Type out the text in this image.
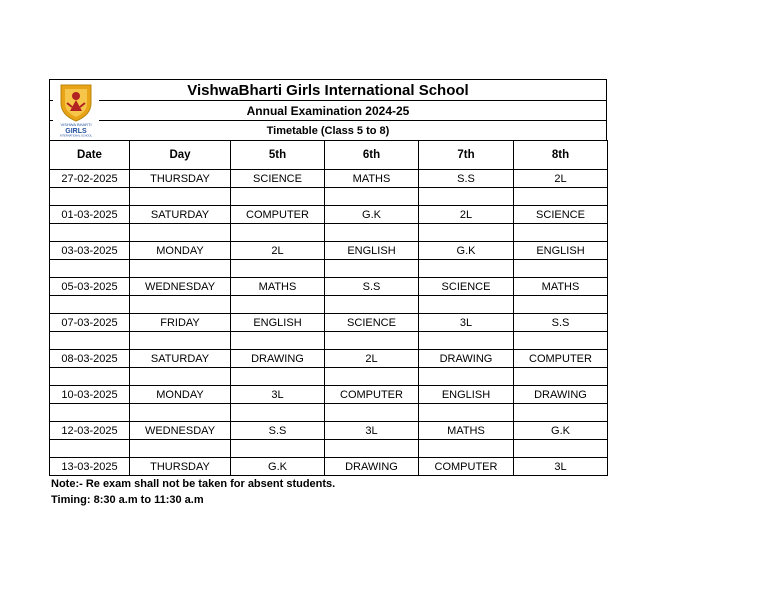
VISHWA BHARTI
GIRLS
INTERNATIONAL SCHOOL
VishwaBharti Girls International School
Annual Examination 2024-25
Timetable (Class 5 to 8)
Date	Day	5th	6th	7th	8th
27-02-2025	THURSDAY	SCIENCE	MATHS	S.S	2L

01-03-2025	SATURDAY	COMPUTER	G.K	2L	SCIENCE

03-03-2025	MONDAY	2L	ENGLISH	G.K	ENGLISH

05-03-2025	WEDNESDAY	MATHS	S.S	SCIENCE	MATHS

07-03-2025	FRIDAY	ENGLISH	SCIENCE	3L	S.S

08-03-2025	SATURDAY	DRAWING	2L	DRAWING	COMPUTER

10-03-2025	MONDAY	3L	COMPUTER	ENGLISH	DRAWING

12-03-2025	WEDNESDAY	S.S	3L	MATHS	G.K

13-03-2025	THURSDAY	G.K	DRAWING	COMPUTER	3L
Note:- Re exam shall not be taken for absent students.
Timing: 8:30 a.m to 11:30 a.m
